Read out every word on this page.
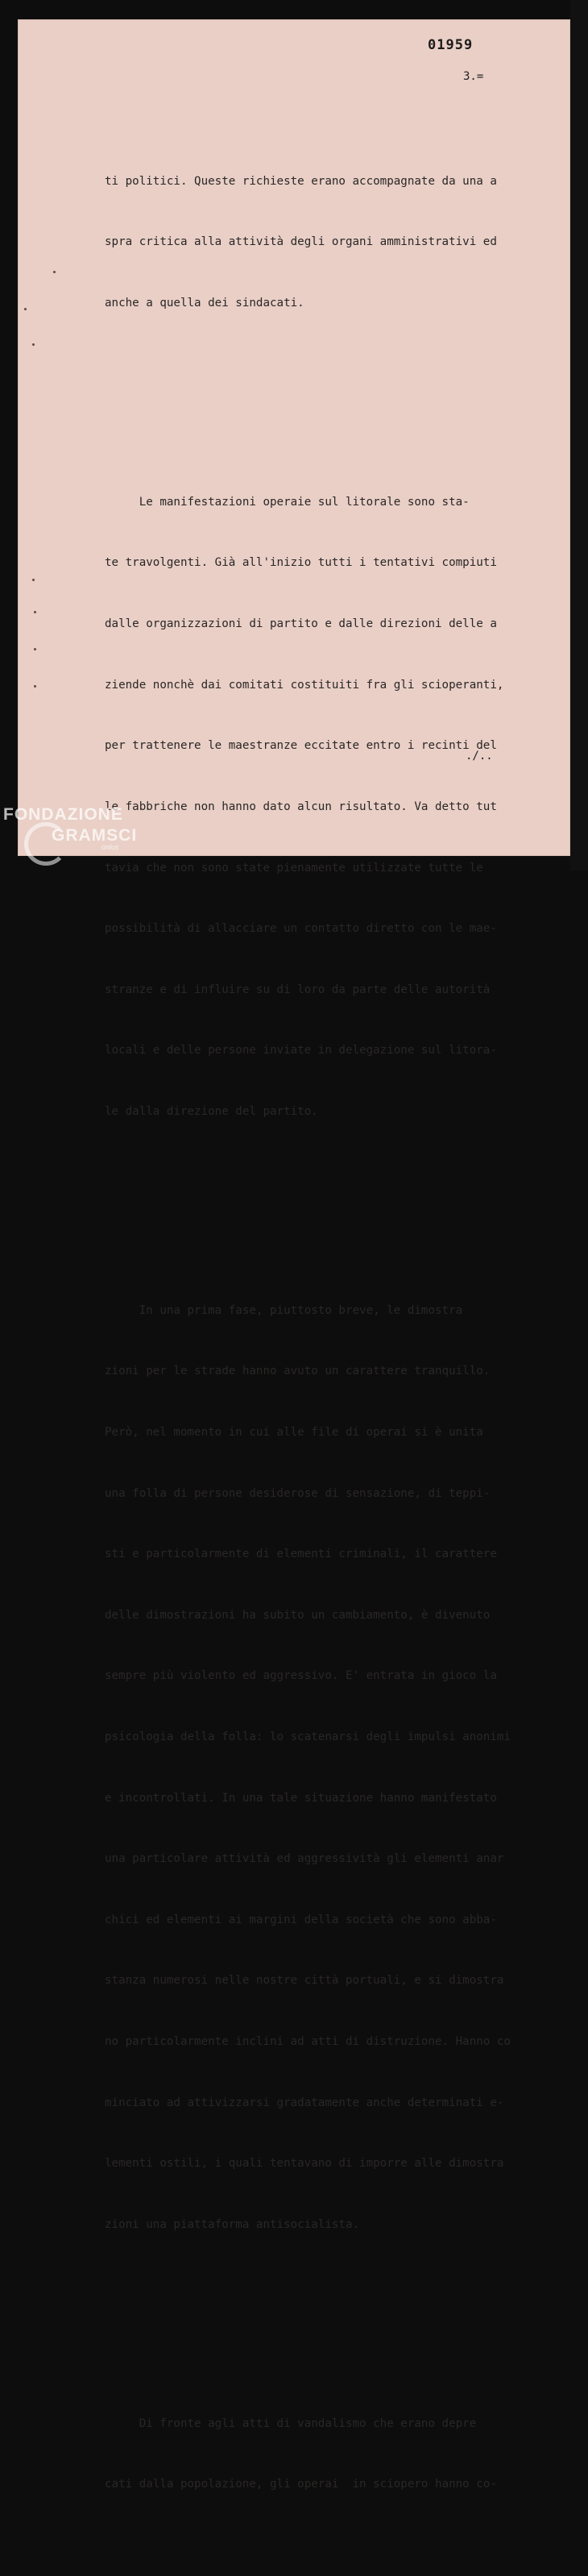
01959
3.=

ti politici. Queste richieste erano accompagnate da una a

spra critica alla attività degli organi amministrativi ed

anche a quella dei sindacati.

Le manifestazioni operaie sul litorale sono sta-

te travolgenti. Già all'inizio tutti i tentativi compiuti

dalle organizzazioni di partito e dalle direzioni delle a

ziende nonchè dai comitati costituiti fra gli scioperanti,

per trattenere le maestranze eccitate entro i recinti del

le fabbriche non hanno dato alcun risultato. Va detto tut

tavia che non sono state pienamente utilizzate tutte le

possibilità di allacciare un contatto diretto con le mae-

stranze e di influire su di loro da parte delle autorità

locali e delle persone inviate in delegazione sul litora-

le dalla direzione del partito.

In una prima fase, piuttosto breve, le dimostra

zioni per le strade hanno avuto un carattere tranquillo.

Però, nel momento in cui alle file di operai si è unita

una folla di persone desiderose di sensazione, di teppi-

sti e particolarmente di elementi criminali, il carattere

delle dimostrazioni ha subito un cambiamento, è divenuto

sempre più violento ed aggressivo. E' entrata in gioco la

psicologia della folla: lo scatenarsi degli impulsi anonimi

e incontrollati. In una tale situazione hanno manifestato

una particolare attività ed aggressività gli elementi anar

chici ed elementi ai margini della società che sono abba-

stanza numerosi nelle nostre città portuali, e si dimostra

no particolarmente inclini ad atti di distruzione. Hanno co

minciato ad attivizzarsi gradatamente anche determinati e-

lementi ostili, i quali tentavano di imporre alle dimostra

zioni una piattaforma antisocialista.

Di fronte agli atti di vandalismo che erano depre

cati dalla popolazione, gli operai  in sciopero hanno co-

./..
FONDAZIONE
GRAMSCI
onlus
